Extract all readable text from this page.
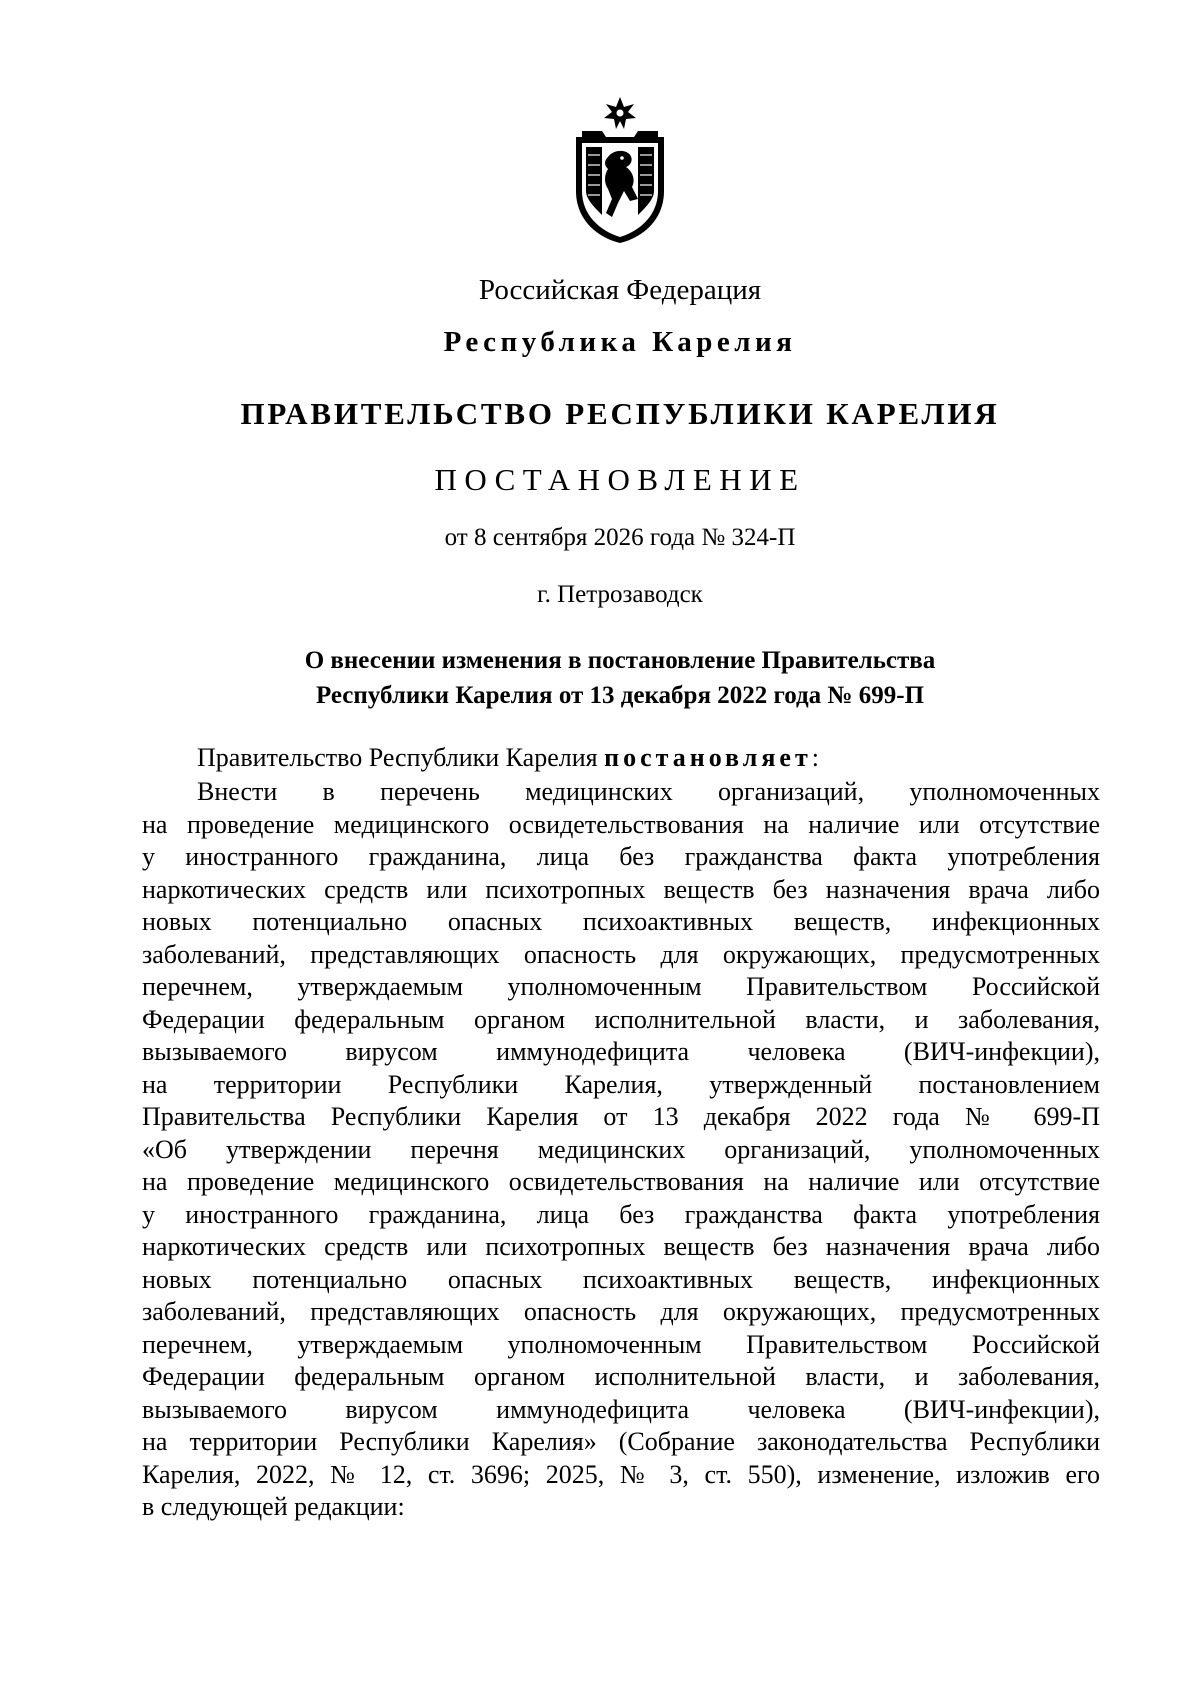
Российская Федерация
Республика Карелия
ПРАВИТЕЛЬСТВО РЕСПУБЛИКИ КАРЕЛИЯ
ПОСТАНОВЛЕНИЕ
от 8 сентября 2026 года № 324-П
г. Петрозаводск
О внесении изменения в постановление Правительства
Республики Карелия от 13 декабря 2022 года № 699-П
Правительство Республики Карелия постановляет:
Внести в перечень медицинских организаций, уполномоченных
на проведение медицинского освидетельствования на наличие или отсутствие
у иностранного гражданина, лица без гражданства факта употребления
наркотических средств или психотропных веществ без назначения врача либо
новых потенциально опасных психоактивных веществ, инфекционных
заболеваний, представляющих опасность для окружающих, предусмотренных
перечнем, утверждаемым уполномоченным Правительством Российской
Федерации федеральным органом исполнительной власти, и заболевания,
вызываемого вирусом иммунодефицита человека (ВИЧ-инфекции),
на территории Республики Карелия, утвержденный постановлением
Правительства Республики Карелия от 13 декабря 2022 года № 699-П
«Об утверждении перечня медицинских организаций, уполномоченных
на проведение медицинского освидетельствования на наличие или отсутствие
у иностранного гражданина, лица без гражданства факта употребления
наркотических средств или психотропных веществ без назначения врача либо
новых потенциально опасных психоактивных веществ, инфекционных
заболеваний, представляющих опасность для окружающих, предусмотренных
перечнем, утверждаемым уполномоченным Правительством Российской
Федерации федеральным органом исполнительной власти, и заболевания,
вызываемого вирусом иммунодефицита человека (ВИЧ-инфекции),
на территории Республики Карелия» (Собрание законодательства Республики
Карелия, 2022, № 12, ст. 3696; 2025, № 3, ст. 550), изменение, изложив его
в следующей редакции:
